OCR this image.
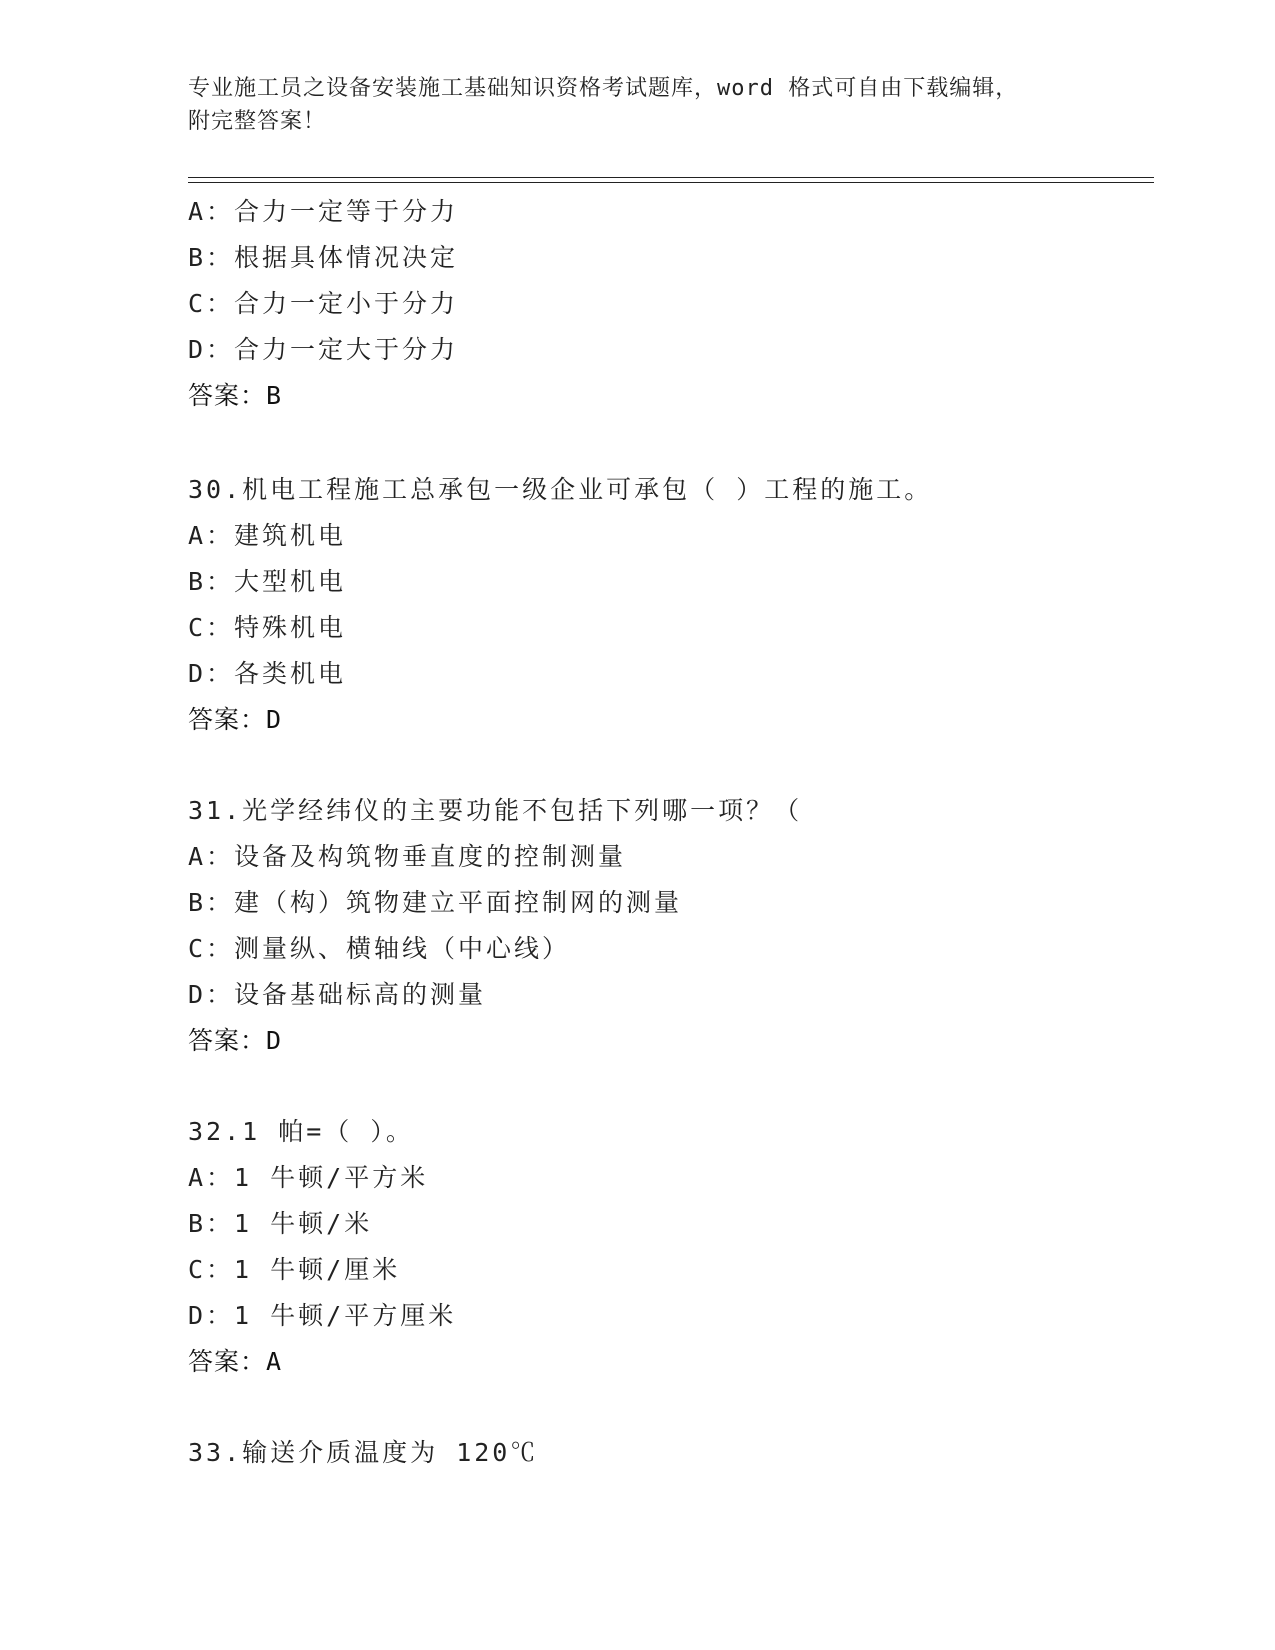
专业施工员之设备安装施工基础知识资格考试题库，word 格式可自由下载编辑，
附完整答案！
A：合力一定等于分力
B：根据具体情况决定
C：合力一定小于分力
D：合力一定大于分力
答案：B
30.机电工程施工总承包一级企业可承包（ ）工程的施工。
A：建筑机电
B：大型机电
C：特殊机电
D：各类机电
答案：D
31.光学经纬仪的主要功能不包括下列哪一项？（
A：设备及构筑物垂直度的控制测量
B：建（构）筑物建立平面控制网的测量
C：测量纵、横轴线（中心线）
D：设备基础标高的测量
答案：D
32.1 帕=（ ）。
A：1 牛顿/平方米
B：1 牛顿/米
C：1 牛顿/厘米
D：1 牛顿/平方厘米
答案：A
33.输送介质温度为 120℃
